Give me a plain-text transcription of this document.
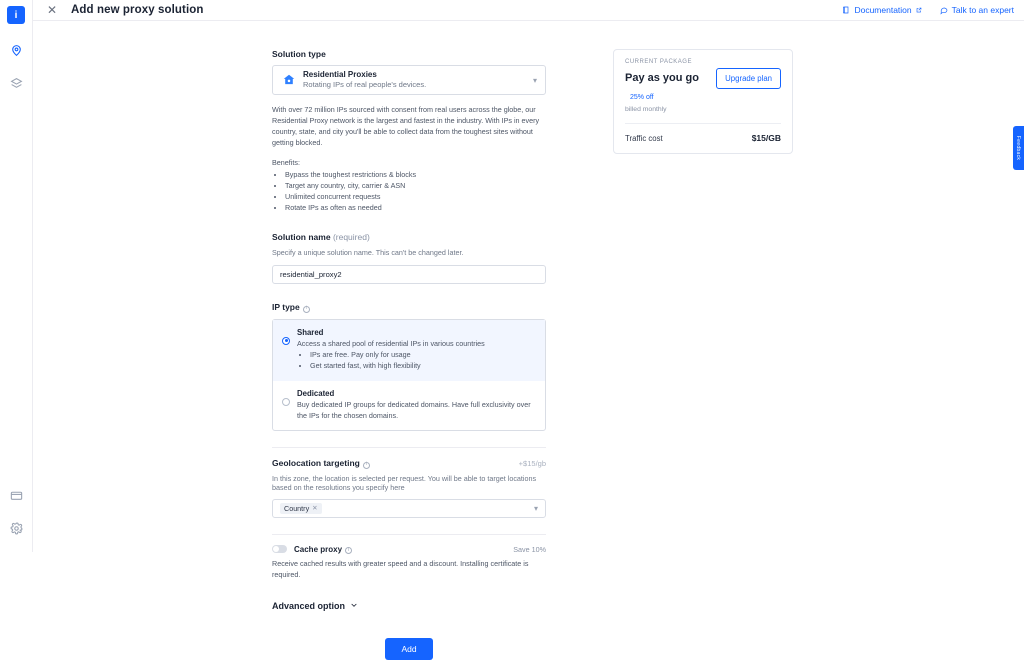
i	✕ Add new proxy solution	Documentation	Talk to an expert
Solution type
Residential Proxies
Rotating IPs of real people's devices.
▾
With over 72 million IPs sourced with consent from real users across the globe, our Residential Proxy network is the largest and fastest in the industry. With IPs in every country, state, and city you'll be able to collect data from the toughest sites without getting blocked.
Benefits:
• Bypass the toughest restrictions & blocks
• Target any country, city, carrier & ASN
• Unlimited concurrent requests
• Rotate IPs as often as needed
Solution name (required)
Specify a unique solution name. This can't be changed later.
residential_proxy2
IP type i
Shared
Access a shared pool of residential IPs in various countries
• IPs are free. Pay only for usage
• Get started fast, with high flexibility
Dedicated
Buy dedicated IP groups for dedicated domains. Have full exclusivity over the IPs for the chosen domains.
Geolocation targeting i	+$15/gb
In this zone, the location is selected per request. You will be able to target locations based on the resolutions you specify here
Country ✕	▾
Cache proxy i	Save 10%
Receive cached results with greater speed and a discount. Installing certificate is required.
Advanced option
Add
CURRENT PACKAGE
Pay as you go 25% off
billed monthly
Upgrade plan
Traffic cost	$15/GB	Feedback
